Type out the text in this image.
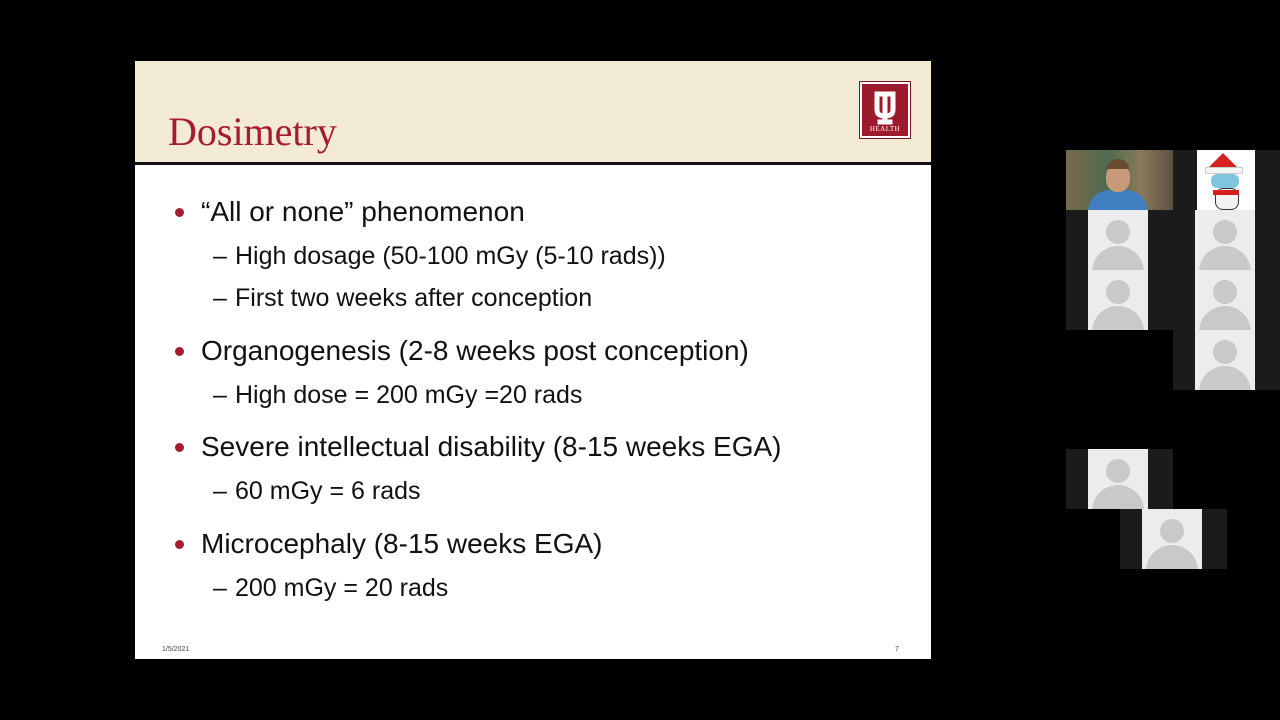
Dosimetry	HEALTH
“All or none” phenomenon
– High dosage (50-100 mGy (5-10 rads))
– First two weeks after conception
Organogenesis (2-8 weeks post conception)
– High dose = 200 mGy =20 rads
Severe intellectual disability (8-15 weeks EGA)
– 60 mGy = 6 rads
Microcephaly (8-15 weeks EGA)
– 200 mGy = 20 rads
1/5/2021	7
